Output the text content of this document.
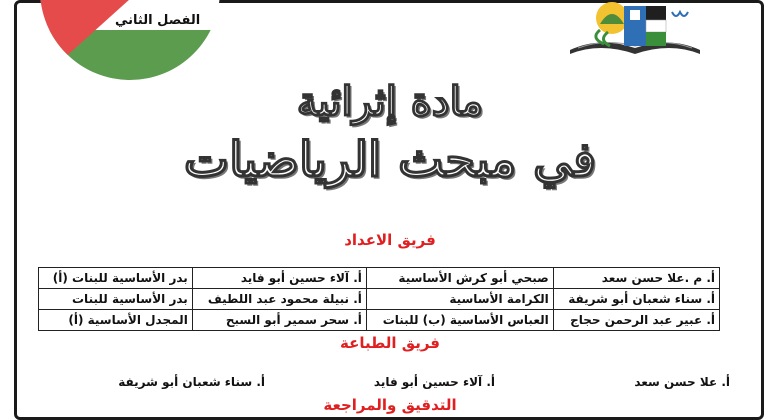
الفصل الثاني
مادة إثرائية
في مبحث الرياضيات
فريق الاعداد
أ. م .علا حسن سعد	صبحي أبو كرش الأساسية	أ. آلاء حسين أبو فايد	بدر الأساسية للبنات (أ)
أ. سناء شعبان أبو شريفة	الكرامة الأساسية	أ. نبيلة محمود عبد اللطيف	بدر الأساسية للبنات
أ. عبير عبد الرحمن حجاج	العباس الأساسية (ب) للبنات	أ. سحر سمير أبو السبح	المجدل الأساسية (أ)
فريق الطباعة
أ. علا حسن سعد
أ. آلاء حسين أبو فايد
أ. سناء شعبان أبو شريفة
التدقيق والمراجعة
